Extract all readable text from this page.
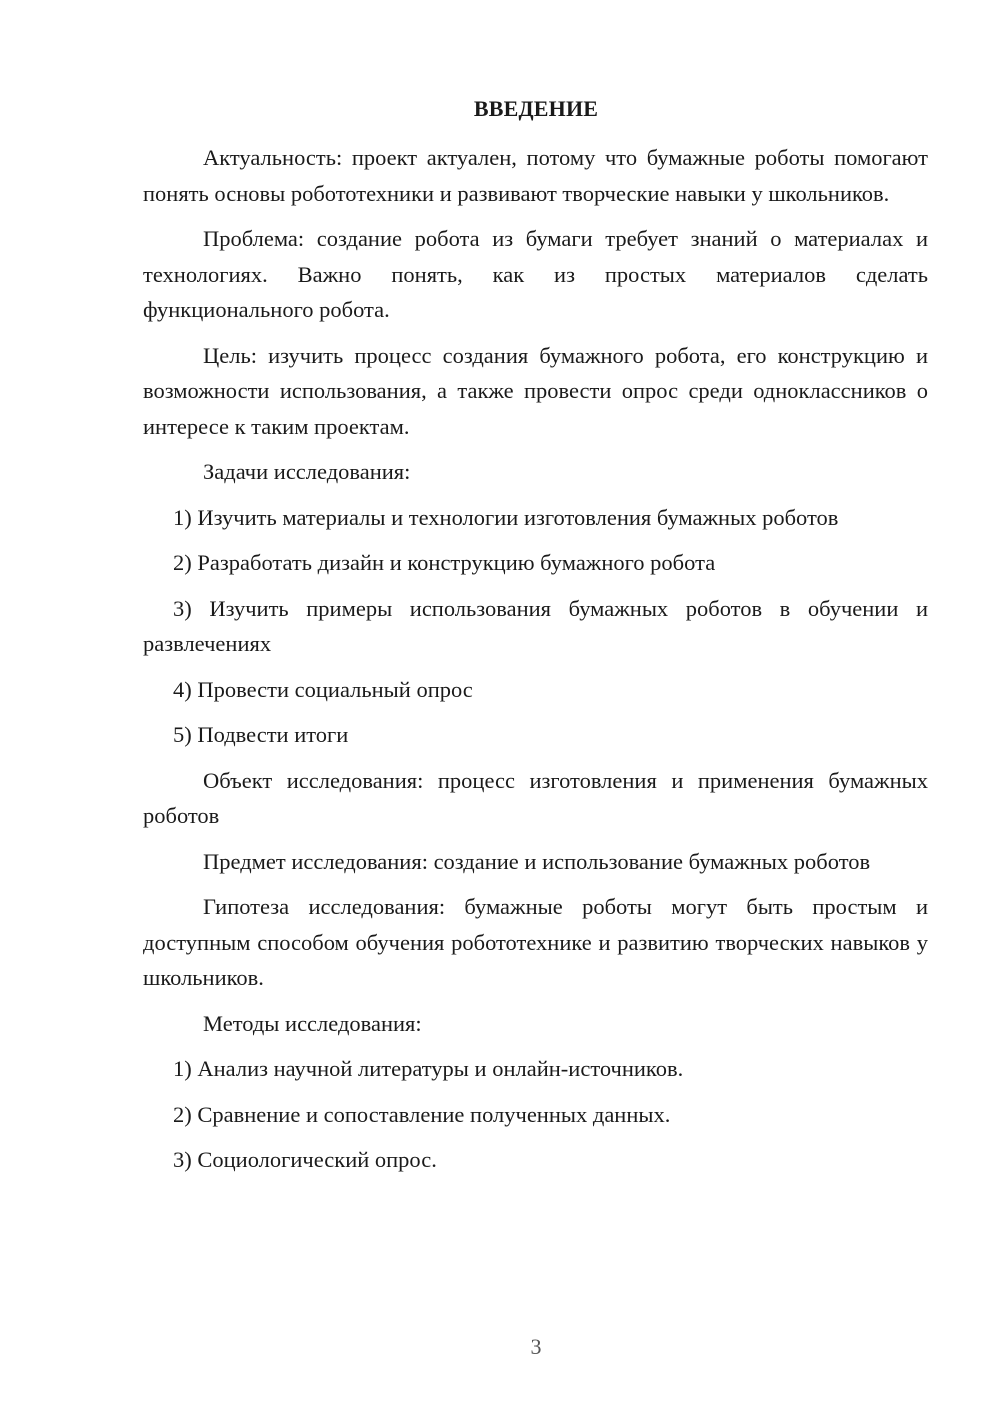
ВВЕДЕНИЕ

Актуальность: проект актуален, потому что бумажные роботы помогают понять основы робототехники и развивают творческие навыки у школьников.

Проблема: создание робота из бумаги требует знаний о материалах и технологиях. Важно понять, как из простых материалов сделать функционального робота.

Цель: изучить процесс создания бумажного робота, его конструкцию и возможности использования, а также провести опрос среди одноклассников о интересе к таким проектам.

Задачи исследования:

1) Изучить материалы и технологии изготовления бумажных роботов

2) Разработать дизайн и конструкцию бумажного робота

3) Изучить примеры использования бумажных роботов в обучении и развлечениях

4) Провести социальный опрос

5) Подвести итоги

Объект исследования: процесс изготовления и применения бумажных роботов

Предмет исследования: создание и использование бумажных роботов

Гипотеза исследования: бумажные роботы могут быть простым и доступным способом обучения робототехнике и развитию творческих навыков у школьников.

Методы исследования:

1) Анализ научной литературы и онлайн-источников.

2) Сравнение и сопоставление полученных данных.

3) Социологический опрос.

3
